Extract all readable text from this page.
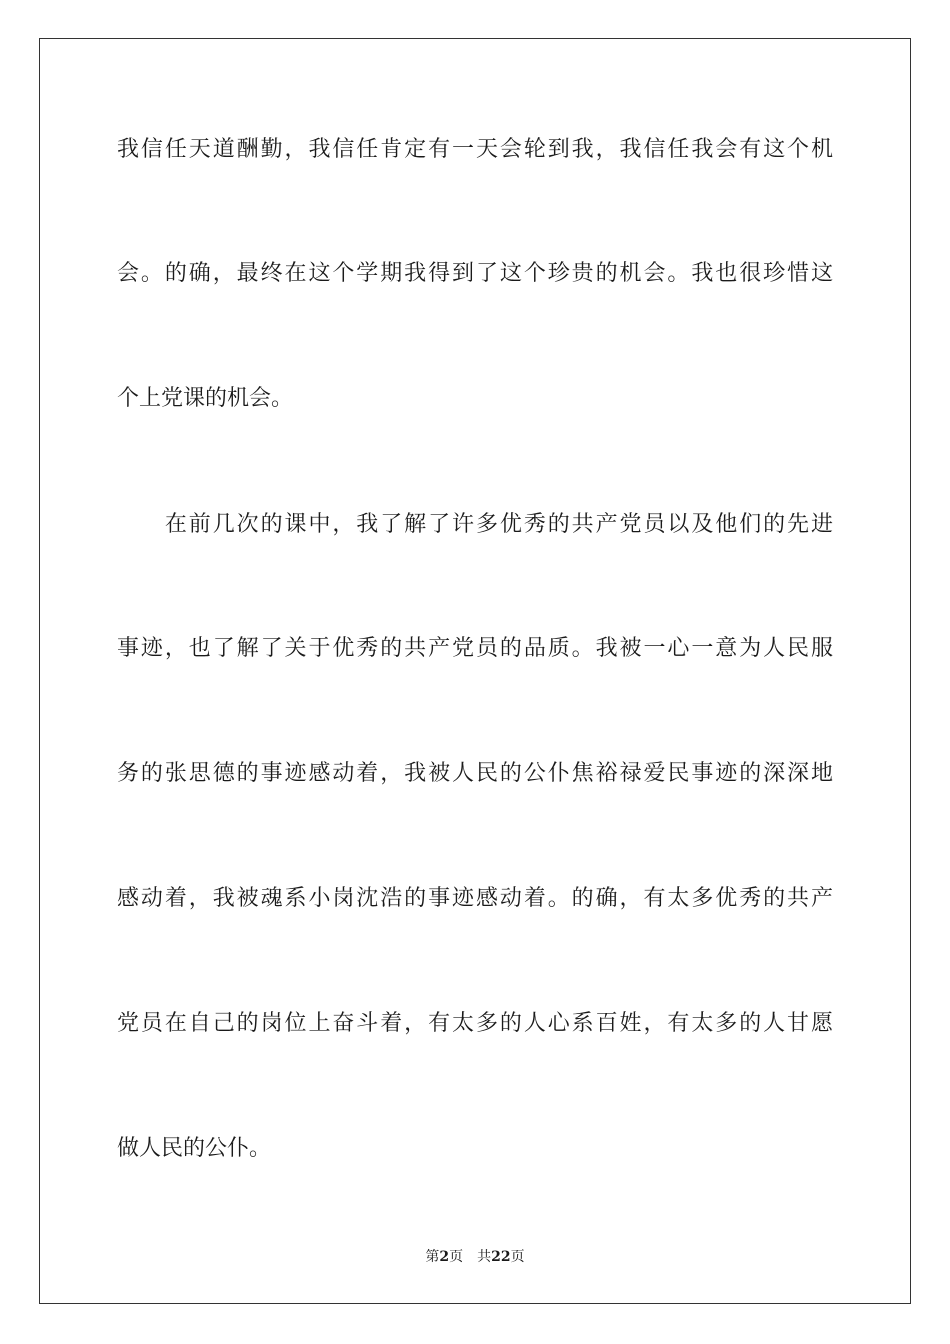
我信任天道酬勤，我信任肯定有一天会轮到我，我信任我会有这个机
会。的确，最终在这个学期我得到了这个珍贵的机会。我也很珍惜这
个上党课的机会。
　　在前几次的课中，我了解了许多优秀的共产党员以及他们的先进
事迹，也了解了关于优秀的共产党员的品质。我被一心一意为人民服
务的张思德的事迹感动着，我被人民的公仆焦裕禄爱民事迹的深深地
感动着，我被魂系小岗沈浩的事迹感动着。的确，有太多优秀的共产
党员在自己的岗位上奋斗着，有太多的人心系百姓，有太多的人甘愿
做人民的公仆。
第2页 共22页
